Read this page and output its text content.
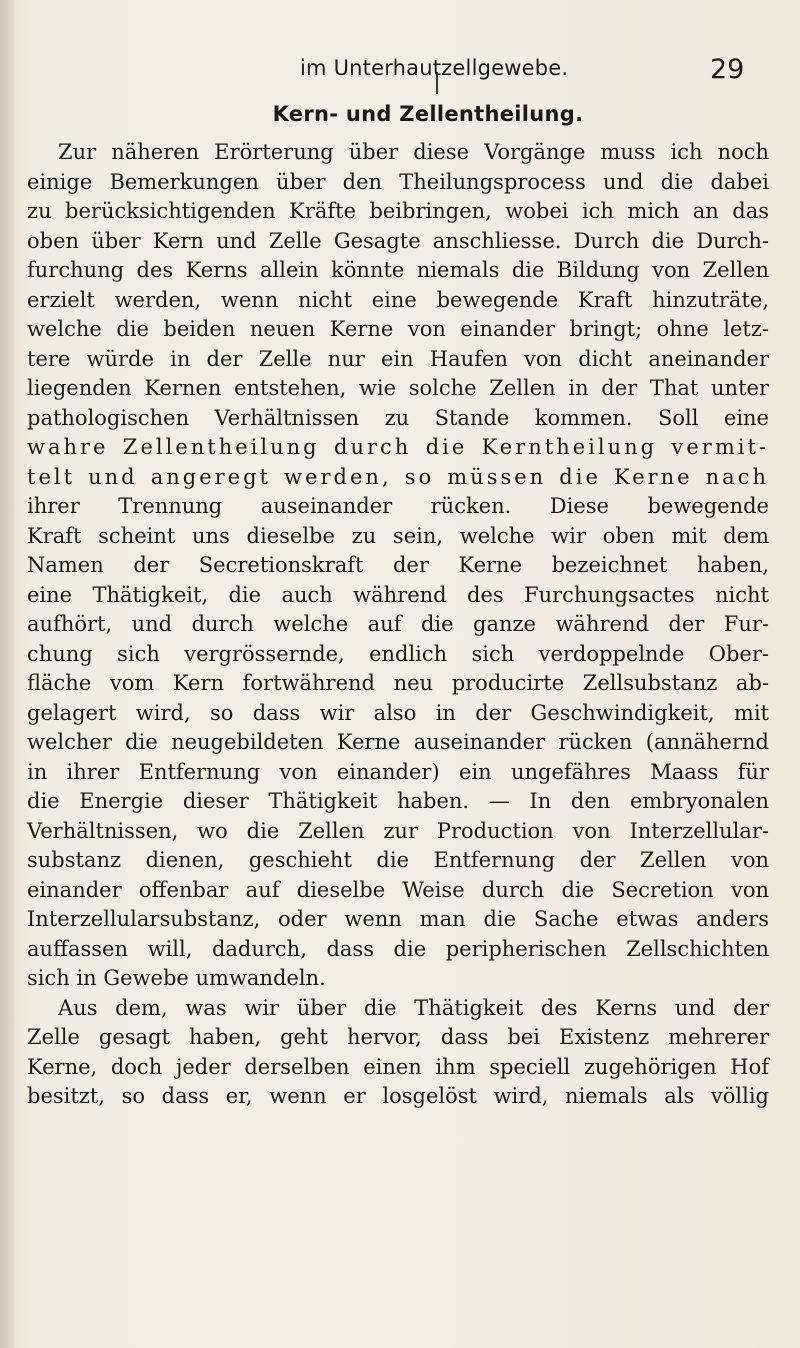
im Unterhautzellgewebe.	29
Kern- und Zellentheilung.
Zur näheren Erörterung über diese Vorgänge muss ich noch
einige Bemerkungen über den Theilungsprocess und die dabei
zu berücksichtigenden Kräfte beibringen, wobei ich mich an das
oben über Kern und Zelle Gesagte anschliesse. Durch die Durch-
furchung des Kerns allein könnte niemals die Bildung von Zellen
erzielt werden, wenn nicht eine bewegende Kraft hinzuträte,
welche die beiden neuen Kerne von einander bringt; ohne letz-
tere würde in der Zelle nur ein Haufen von dicht aneinander
liegenden Kernen entstehen, wie solche Zellen in der That unter
pathologischen Verhältnissen zu Stande kommen. Soll eine
wahre Zellentheilung durch die Kerntheilung vermit-
telt und angeregt werden, so müssen die Kerne nach
ihrer Trennung auseinander rücken. Diese bewegende
Kraft scheint uns dieselbe zu sein, welche wir oben mit dem
Namen der Secretionskraft der Kerne bezeichnet haben,
eine Thätigkeit, die auch während des Furchungsactes nicht
aufhört, und durch welche auf die ganze während der Fur-
chung sich vergrössernde, endlich sich verdoppelnde Ober-
fläche vom Kern fortwährend neu producirte Zellsubstanz ab-
gelagert wird, so dass wir also in der Geschwindigkeit, mit
welcher die neugebildeten Kerne auseinander rücken (annähernd
in ihrer Entfernung von einander) ein ungefähres Maass für
die Energie dieser Thätigkeit haben. — In den embryonalen
Verhältnissen, wo die Zellen zur Production von Interzellular-
substanz dienen, geschieht die Entfernung der Zellen von
einander offenbar auf dieselbe Weise durch die Secretion von
Interzellularsubstanz, oder wenn man die Sache etwas anders
auffassen will, dadurch, dass die peripherischen Zellschichten
sich in Gewebe umwandeln.
Aus dem, was wir über die Thätigkeit des Kerns und der
Zelle gesagt haben, geht hervor, dass bei Existenz mehrerer
Kerne, doch jeder derselben einen ihm speciell zugehörigen Hof
besitzt, so dass er, wenn er losgelöst wird, niemals als völlig
